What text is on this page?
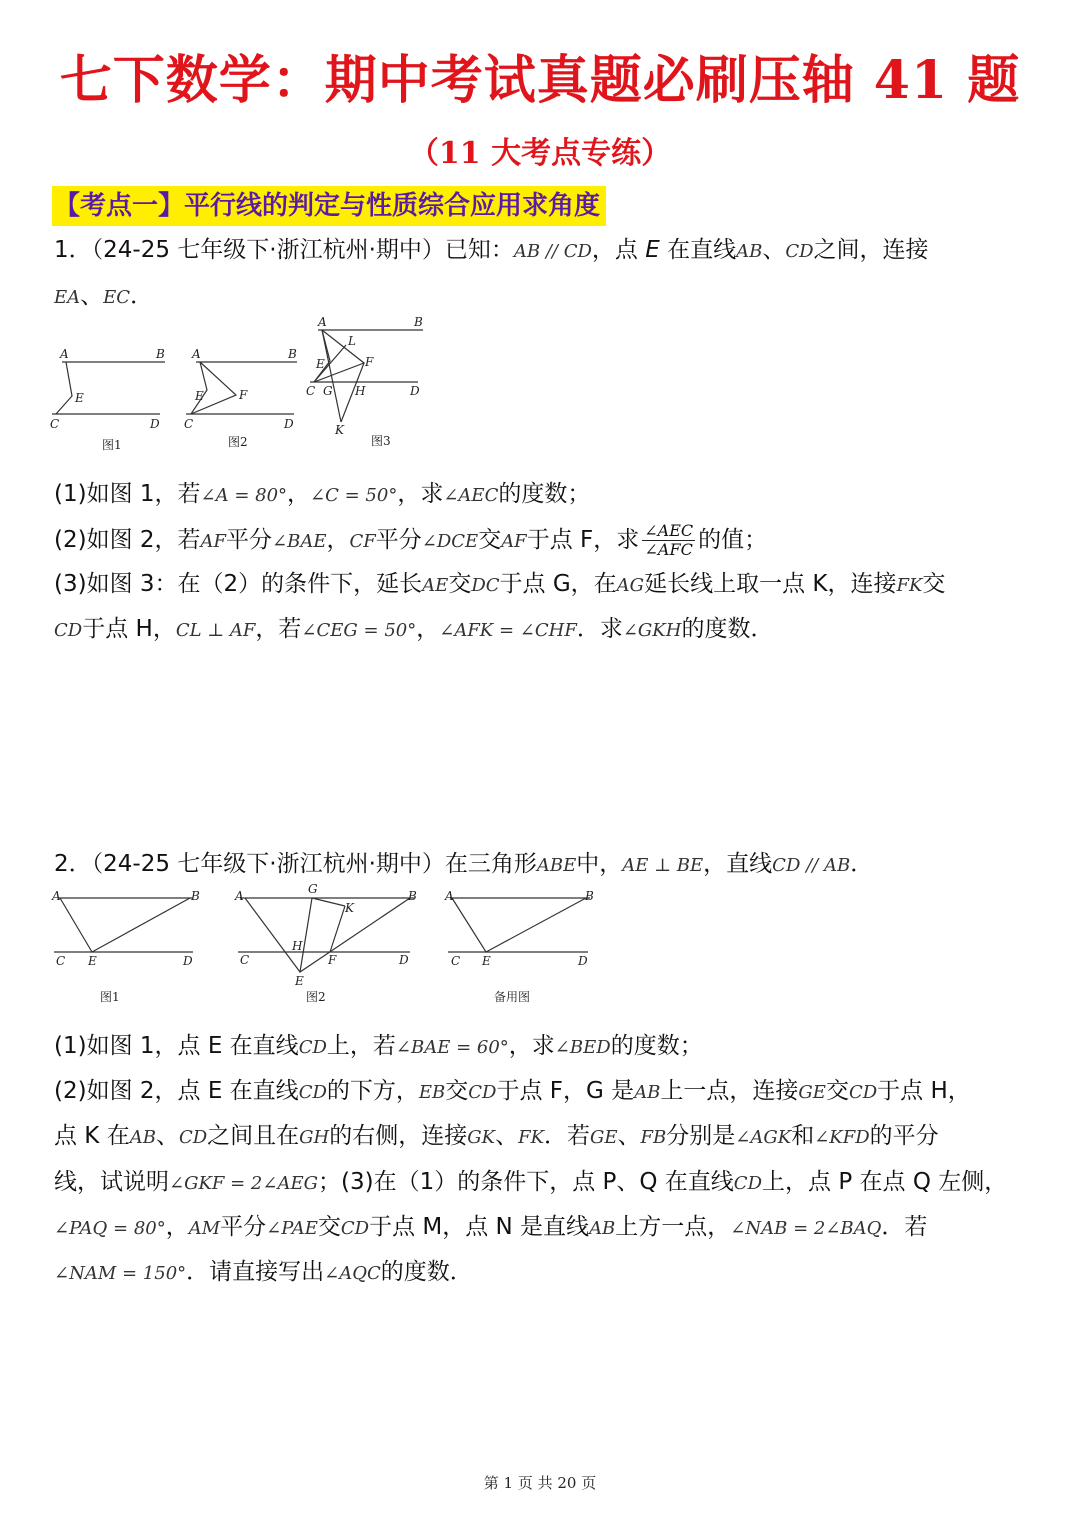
七下数学：期中考试真题必刷压轴 41 题
（11 大考点专练）
【考点一】平行线的判定与性质综合应用求角度
1．（24-25 七年级下·浙江杭州·期中）已知：AB // CD，点 E 在直线AB、CD之间，连接
EA、EC．
A	B
E
C	D
图1
A	B
E	F
C	D
图2
A	B
L
E	F
C G H	D
K
图3
(1)如图 1，若∠A = 80°，∠C = 50°，求∠AEC的度数；
(2)如图 2，若AF平分∠BAE，CF平分∠DCE交AF于点 F，求 $\frac{\text{∠AEC}}{\text{∠AFC}}$ 的值；
(3)如图 3：在（2）的条件下，延长AE交DC于点 G，在AG延长线上取一点 K，连接FK交
CD于点 H，CL ⊥ AF，若∠CEG = 50°，∠AFK = ∠CHF．求∠GKH的度数．
2．（24-25 七年级下·浙江杭州·期中）在三角形ABE中，AE ⊥ BE，直线CD // AB．
A	B
C E	D
图1
A	B
G
K
H
F
C	D
E
图2
A	B
C E	D
备用图
(1)如图 1，点 E 在直线CD上，若∠BAE = 60°，求∠BED的度数；
(2)如图 2，点 E 在直线CD的下方，EB交CD于点 F，G 是AB上一点，连接GE交CD于点 H，
点 K 在AB、CD之间且在GH的右侧，连接GK、FK．若GE、FB分别是∠AGK和∠KFD的平分
线，试说明∠GKF = 2∠AEG；(3)在（1）的条件下，点 P、Q 在直线CD上，点 P 在点 Q 左侧，
∠PAQ = 80°，AM平分∠PAE交CD于点 M，点 N 是直线AB上方一点，∠NAB = 2∠BAQ．若
∠NAM = 150°．请直接写出∠AQC的度数．
第 1 页 共 20 页
